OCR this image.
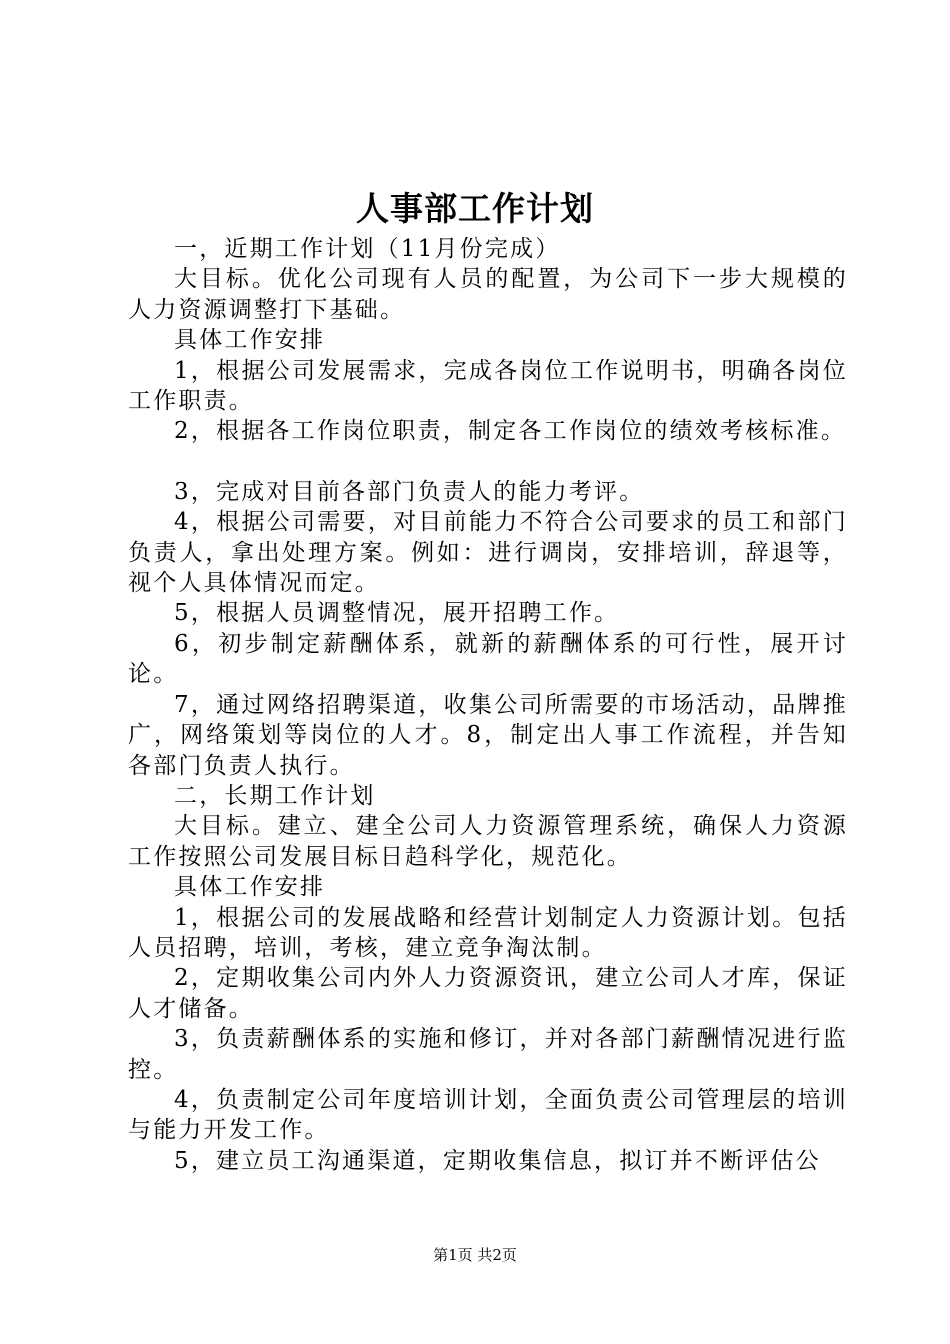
人事部工作计划

一，近期工作计划（11月份完成）

大目标。优化公司现有人员的配置，为公司下一步大规模的人力资源调整打下基础。

具体工作安排

1，根据公司发展需求，完成各岗位工作说明书，明确各岗位工作职责。

2，根据各工作岗位职责，制定各工作岗位的绩效考核标准。

3，完成对目前各部门负责人的能力考评。

4，根据公司需要，对目前能力不符合公司要求的员工和部门负责人，拿出处理方案。例如：进行调岗，安排培训，辞退等，视个人具体情况而定。

5，根据人员调整情况，展开招聘工作。

6，初步制定薪酬体系，就新的薪酬体系的可行性，展开讨论。

7，通过网络招聘渠道，收集公司所需要的市场活动，品牌推广，网络策划等岗位的人才。8，制定出人事工作流程，并告知各部门负责人执行。

二，长期工作计划

大目标。建立、建全公司人力资源管理系统，确保人力资源工作按照公司发展目标日趋科学化，规范化。

具体工作安排

1，根据公司的发展战略和经营计划制定人力资源计划。包括人员招聘，培训，考核，建立竞争淘汰制。

2，定期收集公司内外人力资源资讯，建立公司人才库，保证人才储备。

3，负责薪酬体系的实施和修订，并对各部门薪酬情况进行监控。

4，负责制定公司年度培训计划，全面负责公司管理层的培训与能力开发工作。

5，建立员工沟通渠道，定期收集信息，拟订并不断评估公

第1页 共2页
